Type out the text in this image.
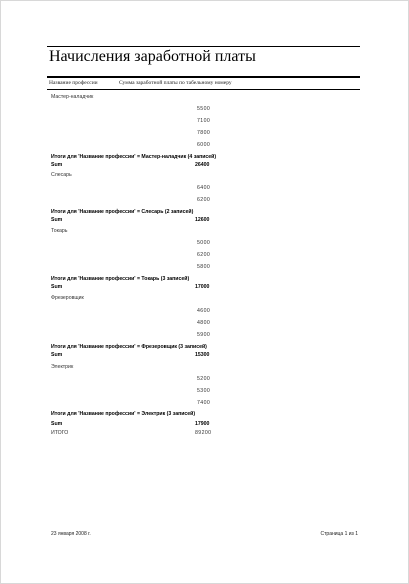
Начисления заработной платы
Название профессии	Сумма заработной платы по табельному номеру
Мастер-наладчик
5500
7100
7800
6000
Итоги для 'Название профессии' = Мастер-наладчик (4 записей)
Sum	26400
Слесарь
6400
6200
Итоги для 'Название профессии' = Слесарь (2 записей)
Sum	12600
Токарь
5000
6200
5800
Итоги для 'Название профессии' = Токарь (3 записей)
Sum	17000
Фрезеровщик
4600
4800
5900
Итоги для 'Название профессии' = Фрезеровщик (3 записей)
Sum	15300
Электрик
5200
5300
7400
Итоги для 'Название профессии' = Электрик (3 записей)
Sum	17900
ИТОГО	89200
23 января 2008 г.	Страница 1 из 1
